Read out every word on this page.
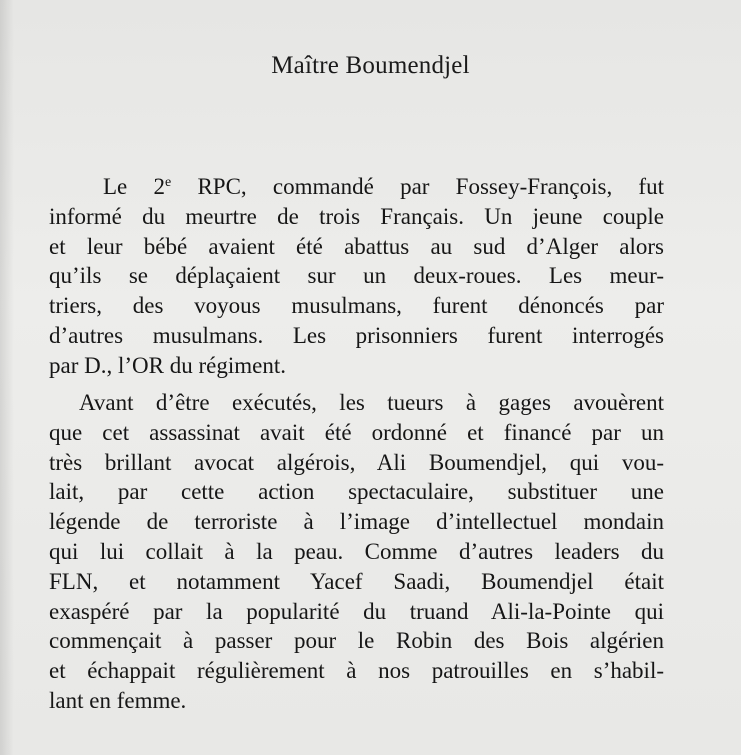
Maître Boumendjel
Le 2e RPC, commandé par Fossey-François, fut
informé du meurtre de trois Français. Un jeune couple
et leur bébé avaient été abattus au sud d’Alger alors
qu’ils se déplaçaient sur un deux-roues. Les meur-
triers, des voyous musulmans, furent dénoncés par
d’autres musulmans. Les prisonniers furent interrogés
par D., l’OR du régiment.
Avant d’être exécutés, les tueurs à gages avouèrent
que cet assassinat avait été ordonné et financé par un
très brillant avocat algérois, Ali Boumendjel, qui vou-
lait, par cette action spectaculaire, substituer une
légende de terroriste à l’image d’intellectuel mondain
qui lui collait à la peau. Comme d’autres leaders du
FLN, et notamment Yacef Saadi, Boumendjel était
exaspéré par la popularité du truand Ali-la-Pointe qui
commençait à passer pour le Robin des Bois algérien
et échappait régulièrement à nos patrouilles en s’habil-
lant en femme.
